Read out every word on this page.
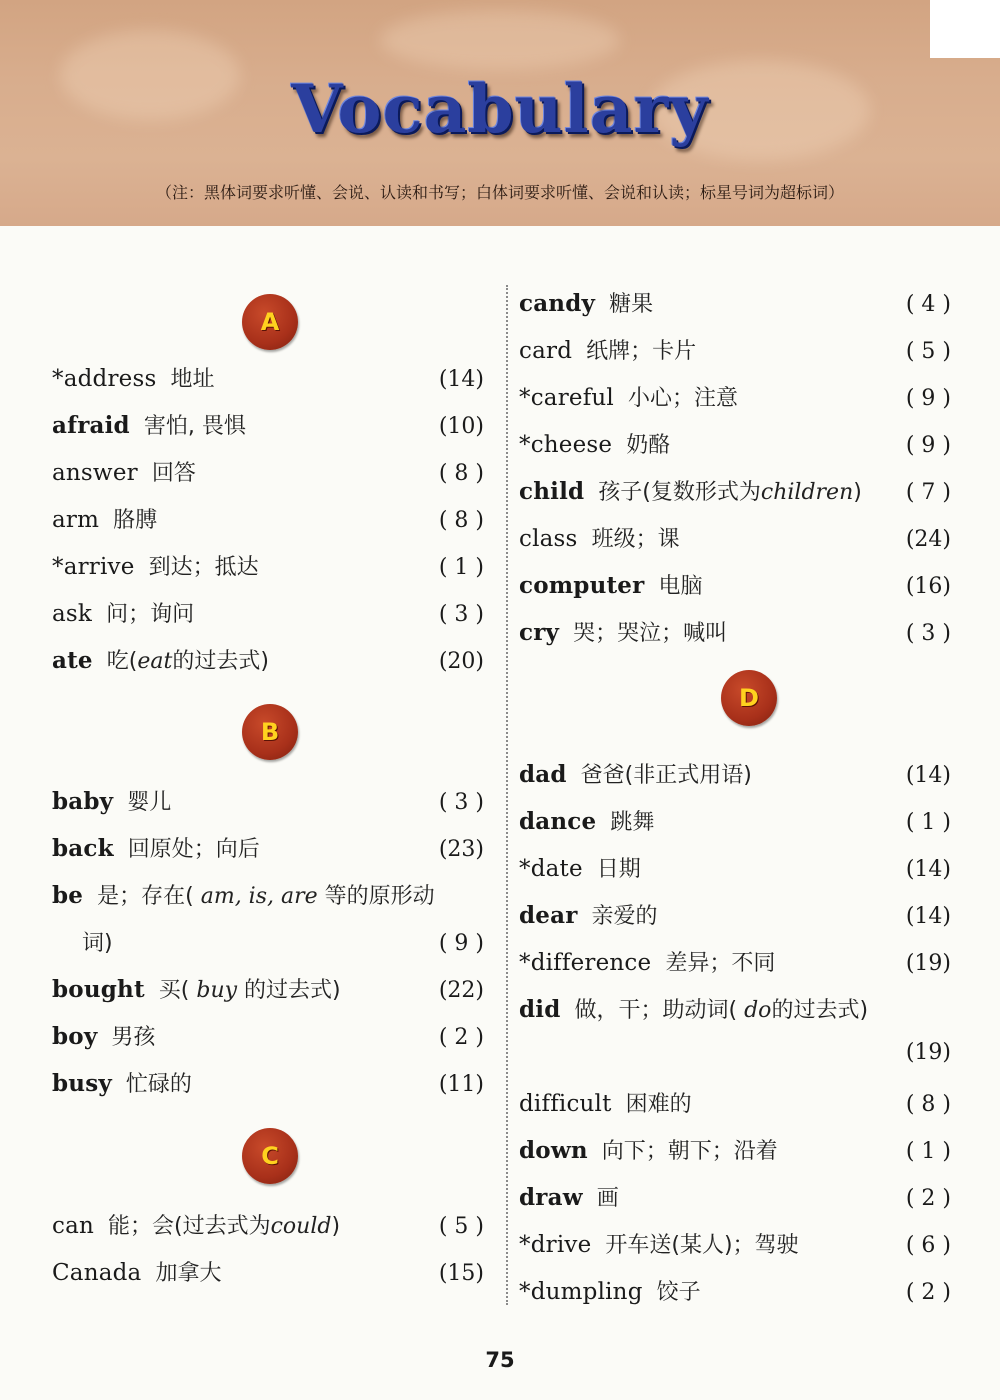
Vocabulary
（注：黑体词要求听懂、会说、认读和书写；白体词要求听懂、会说和认读；标星号词为超标词）
A
*address 地址	(14)
afraid 害怕, 畏惧	(10)
answer 回答	( 8 )
arm 胳膊	( 8 )
*arrive 到达；抵达	( 1 )
ask 问；询问	( 3 )
ate 吃(eat的过去式)	(20)
B
baby 婴儿	( 3 )
back 回原处；向后	(23)
be 是；存在( am, is, are 等的原形动
词)	( 9 )
bought 买( buy 的过去式)	(22)
boy 男孩	( 2 )
busy 忙碌的	(11)
C
can 能；会(过去式为could)	( 5 )
Canada 加拿大	(15)
candy 糖果	( 4 )
card 纸牌；卡片	( 5 )
*careful 小心；注意	( 9 )
*cheese 奶酪	( 9 )
child 孩子(复数形式为children) ( 7 )
class 班级；课	(24)
computer 电脑	(16)
cry 哭；哭泣；喊叫	( 3 )
D
dad 爸爸(非正式用语)	(14)
dance 跳舞	( 1 )
*date 日期	(14)
dear 亲爱的	(14)
*difference 差异；不同	(19)
did 做，干；助动词( do的过去式)
(19)
difficult 困难的	( 8 )
down 向下；朝下；沿着	( 1 )
draw 画	( 2 )
*drive 开车送(某人)；驾驶	( 6 )
*dumpling 饺子	( 2 )
75
